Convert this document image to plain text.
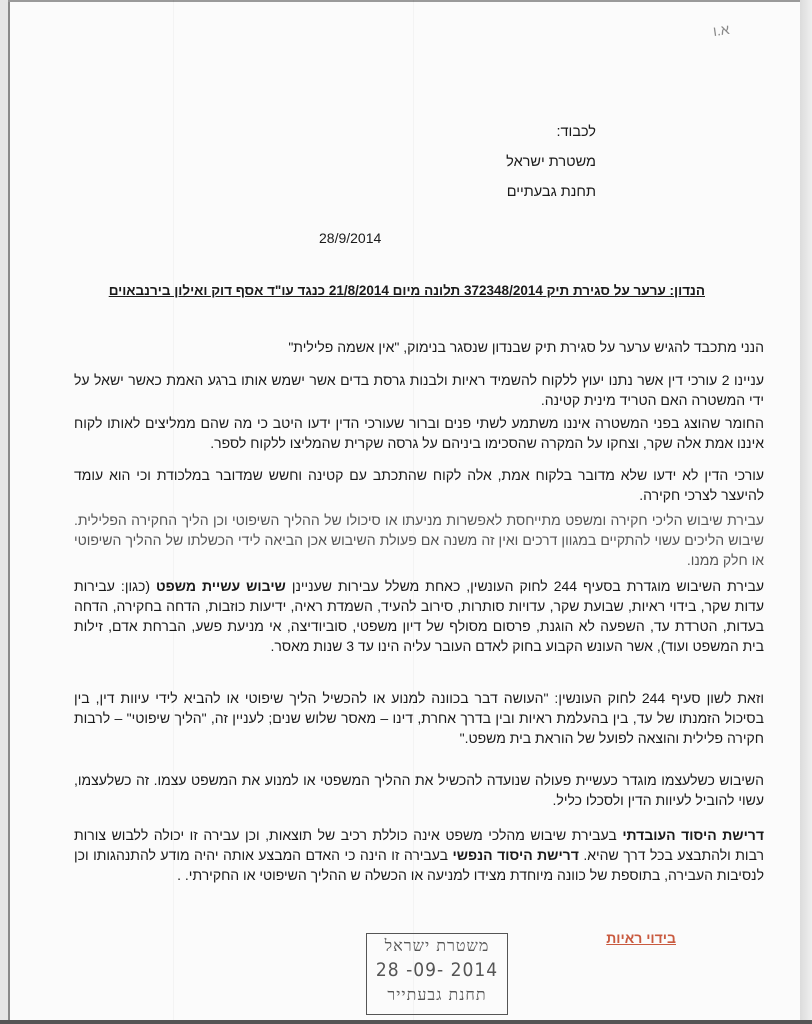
א.ו
לכבוד:
משטרת ישראל
תחנת גבעתיים
28/9/2014
הנדון: ערער על סגירת תיק 372348/2014 תלונה מיום 21/8/2014 כנגד עו"ד אסף דוק ואילון בירנבאוים
הנני מתכבד להגיש ערער על סגירת תיק שבנדון שנסגר בנימוק, "אין אשמה פלילית"
עניינו 2 עורכי דין אשר נתנו יעוץ ללקוח להשמיד ראיות ולבנות גרסת בדים אשר ישמש אותו ברגע האמת כאשר ישאל על ידי המשטרה האם הטריד מינית קטינה.
החומר שהוצג בפני המשטרה איננו משתמע לשתי פנים וברור שעורכי הדין ידעו היטב כי מה שהם ממליצים לאותו לקוח איננו אמת אלה שקר, וצחקו על המקרה שהסכימו ביניהם על גרסה שקרית שהמליצו ללקוח לספר.
עורכי הדין לא ידעו שלא מדובר בלקוח אמת, אלה לקוח שהתכתב עם קטינה וחשש שמדובר במלכודת וכי הוא עומד להיעצר לצרכי חקירה.
עבירת שיבוש הליכי חקירה ומשפט מתייחסת לאפשרות מניעתו או סיכולו של ההליך השיפוטי וכן הליך החקירה הפלילית. שיבוש הליכים עשוי להתקיים במגוון דרכים ואין זה משנה אם פעולת השיבוש אכן הביאה לידי הכשלתו של ההליך השיפוטי או חלק ממנו.
עבירת השיבוש מוגדרת בסעיף 244 לחוק העונשין, כאחת משלל עבירות שעניינן שיבוש עשיית משפט (כגון: עבירות עדות שקר, בידוי ראיות, שבועת שקר, עדויות סותרות, סירוב להעיד, השמדת ראיה, ידיעות כוזבות, הדחה בחקירה, הדחה בעדות, הטרדת עד, השפעה לא הוגנת, פרסום מסולף של דיון משפטי, סוביודיצה, אי מניעת פשע, הברחת אדם, זילות בית המשפט ועוד), אשר העונש הקבוע בחוק לאדם העובר עליה הינו עד 3 שנות מאסר.
וזאת לשון סעיף 244 לחוק העונשין: "העושה דבר בכוונה למנוע או להכשיל הליך שיפוטי או להביא לידי עיוות דין, בין בסיכול הזמנתו של עד, בין בהעלמת ראיות ובין בדרך אחרת, דינו – מאסר שלוש שנים; לעניין זה, "הליך שיפוטי" – לרבות חקירה פלילית והוצאה לפועל של הוראת בית משפט."
השיבוש כשלעצמו מוגדר כעשיית פעולה שנועדה להכשיל את ההליך המשפטי או למנוע את המשפט עצמו. זה כשלעצמו, עשוי להוביל לעיוות הדין ולסכלו כליל.
דרישת היסוד העובדתי בעבירת שיבוש מהלכי משפט אינה כוללת רכיב של תוצאות, וכן עבירה זו יכולה ללבוש צורות רבות ולהתבצע בכל דרך שהיא. דרישת היסוד הנפשי בעבירה זו הינה כי האדם המבצע אותה יהיה מודע להתנהגותו וכן לנסיבות העבירה, בתוספת של כוונה מיוחדת מצידו למניעה או הכשלה ש ההליך השיפוטי או החקירתי. .
בידוי ראיות
משטרת ישראל
28 -09- 2014
תחנת גבעתייר
